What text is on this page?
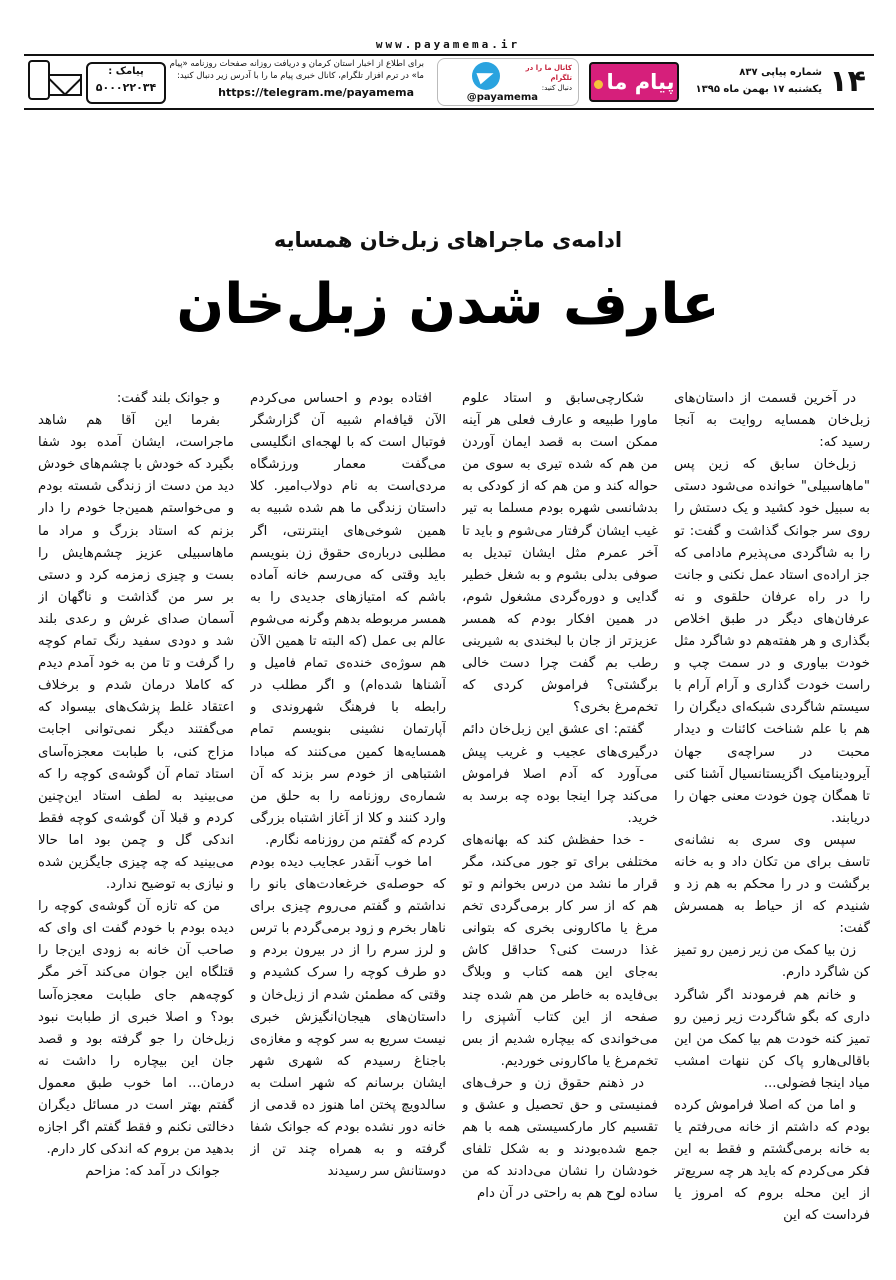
www.payamema.ir
۱۴
شماره پیاپی ۸۳۷
یکشنبه ۱۷ بهمن ماه ۱۳۹۵
پیام ما
کانال ما را در
تلگرام
دنبال کنید:
@payamema
برای اطلاع از اخبار استان کرمان و دریافت روزانه صفحات روزنامه «پیام ما» در ترم افزار تلگرام، کانال خبری پیام ما را با آدرس زیر دنبال کنید:
https://telegram.me/payamema
پیامک :
۵۰۰۰۲۲۰۳۴
ادامه‌ی ماجراهای زبل‌خان همسایه
عارف شدن زبل‌خان

در آخرین قسمت از داستان‌های زبل‌خان همسایه روایت به آنجا رسید که:

زبل‌خان سابق که زین پس "ماهاسبیلی" خوانده می‌شود دستی به سبیل خود کشید و یک دستش را روی سر جوانک گذاشت و گفت: تو را به شاگردی می‌پذیرم مادامی که جز اراده‌ی استاد عمل نکنی و جانت را در راه عرفان حلقوی و نه عرفان‌های دیگر در طبق اخلاص بگذاری و هر هفته‌هم دو شاگرد مثل خودت بیاوری و در سمت چپ و راست خودت گذاری و آرام آرام با سیستم شاگردی شبکه‌ای دیگران را هم با علم شناخت کائنات و دیدار محبت در سراچه‌ی جهان آیرودینامیک اگزیستانسیال آشنا کنی تا همگان چون خودت معنی جهان را دریابند.

سپس وی سری به نشانه‌ی تاسف برای من تکان داد و به خانه برگشت و در را محکم به هم زد و شنیدم که از حیاط به همسرش گفت:

زن بیا کمک من زیر زمین رو تمیز کن شاگرد دارم.

و خانم هم فرمودند اگر شاگرد داری که بگو شاگردت زیر زمین رو تمیز کنه خودت هم بیا کمک من این باقالی‌هارو پاک کن ننهات امشب میاد اینجا فضولی...

و اما من که اصلا فراموش کرده بودم که داشتم از خانه می‌رفتم یا به خانه برمی‌گشتم و فقط به این فکر می‌کردم که باید هر چه سریع‌تر از این محله بروم که امروز یا فرداست که این

شکارچی‌سابق و استاد علوم ماورا طبیعه و عارف فعلی هر آینه ممکن است به قصد ایمان آوردن من هم که شده تیری به سوی من حواله کند و من هم که از کودکی به بدشانسی شهره بودم مسلما به تیر غیب ایشان گرفتار می‌شوم و باید تا آخر عمرم مثل ایشان تبدیل به صوفی بدلی بشوم و به شغل خطیر گدایی و دوره‌گردی مشغول شوم، در همین افکار بودم که همسر عزیزتر از جان با لبخندی به شیرینی رطب بم گفت چرا دست خالی برگشتی؟ فراموش کردی که تخم‌مرغ بخری؟

گفتم: ای عشق این زبل‌خان دائم درگیری‌های عجیب و غریب پیش می‌آورد که آدم اصلا فراموش می‌کند چرا اینجا بوده چه برسد به خرید.

- خدا حفظش کند که بهانه‌های مختلفی برای تو جور می‌کند، مگر قرار ما نشد من درس بخوانم و تو هم که از سر کار برمی‌گردی تخم مرغ یا ماکارونی بخری که بتوانی غذا درست کنی؟ حداقل کاش به‌جای این همه کتاب و وبلاگ بی‌فایده به خاطر من هم شده چند صفحه از این کتاب آشپزی را می‌خواندی که بیچاره شدیم از بس تخم‌مرغ یا ماکارونی خوردیم.

در ذهنم حقوق زن و حرف‌های فمنیستی و حق تحصیل و عشق و تقسیم کار مارکسیستی همه با هم جمع شده‌بودند و به شکل تلفای خودشان را نشان می‌دادند که من ساده لوح هم به راحتی در آن دام

افتاده بودم و احساس می‌کردم الآن قیافه‌ام شبیه آن گزارشگر فوتبال است که با لهجه‌ای انگلیسی می‌گفت معمار ورزشگاه مردی‌است به نام دولاب‌امیر. کلا داستان زندگی ما هم شده شبیه به همین شوخی‌های اینترنتی، اگر مطلبی درباره‌ی حقوق زن بنویسم باید وقتی که می‌رسم خانه آماده باشم که امتیازهای جدیدی را به همسر مربوطه بدهم وگرنه می‌شوم عالم بی عمل (که البته تا همین الآن هم سوژه‌ی خنده‌ی تمام فامیل و آشناها شده‌ام) و اگر مطلب در رابطه با فرهنگ شهروندی و آپارتمان نشینی بنویسم تمام همسایه‌ها کمین می‌کنند که مبادا اشتباهی از خودم سر بزند که آن شماره‌ی روزنامه را به حلق من وارد کنند و کلا از آغاز اشتباه بزرگی کردم که گفتم من روزنامه نگارم.

اما خوب آنقدر عجایب دیده بودم که حوصله‌ی خرغعادت‌های بانو را نداشتم و گفتم می‌روم چیزی برای ناهار بخرم و زود برمی‌گردم با ترس و لرز سرم را از در بیرون بردم و دو طرف کوچه را سرک کشیدم و وقتی که مطمئن شدم از زبل‌خان و داستان‌های هیجان‌انگیزش خبری نیست سریع به سر کوچه و مغازه‌ی باجناغ رسیدم که شهر‌ی شهر ایشان برسانم که شهر اسلت به سالدویچ پختن اما هنوز ده قدمی از خانه دور نشده بودم که جوانک شفا گرفته و به همراه چند تن از دوستانش سر رسیدند

و جوانک بلند گفت:

بفرما این آقا هم شاهد ماجراست، ایشان آمده بود شفا بگیرد که خودش با چشم‌های خودش دید من دست از زندگی شسته بودم و می‌خواستم همین‌جا خودم را دار بزنم که استاد بزرگ و مراد ما ماهاسبیلی عزیز چشم‌هایش را بست و چیزی زمزمه کرد و دستی بر سر من گذاشت و ناگهان از آسمان صدای غرش و رعدی بلند شد و دودی سفید رنگ تمام کوچه را گرفت و تا من به خود آمدم دیدم که کاملا درمان شدم و برخلاف اعتقاد غلط پزشک‌های بیسواد که می‌گفتند دیگر نمی‌توانی اجابت مزاج کنی، با طبابت معجزه‌آسای استاد تمام آن گوشه‌ی کوچه را که می‌بینید به لطف استاد این‌چنین کردم و قبلا آن گوشه‌ی کوچه فقط اندکی گل و چمن بود اما حالا می‌بینید که چه چیزی جایگزین شده و نیازی به توضیح ندارد.

من که تازه آن گوشه‌ی کوچه را دیده بودم با خودم گفت ای وای که صاحب آن خانه به زودی این‌جا را قتلگاه این جوان می‌کند آخر مگر کوچه‌هم جای طبابت معجزه‌آسا بود؟ و اصلا خبری از طبابت نبود زبل‌خان را جو گرفته بود و قصد جان این بیچاره را داشت نه درمان... اما خوب طبق معمول گفتم بهتر است در مسائل دیگران دخالتی نکنم و فقط گفتم اگر اجازه بدهید من بروم که اندکی کار دارم.

جوانک در آمد که: مزاحم
